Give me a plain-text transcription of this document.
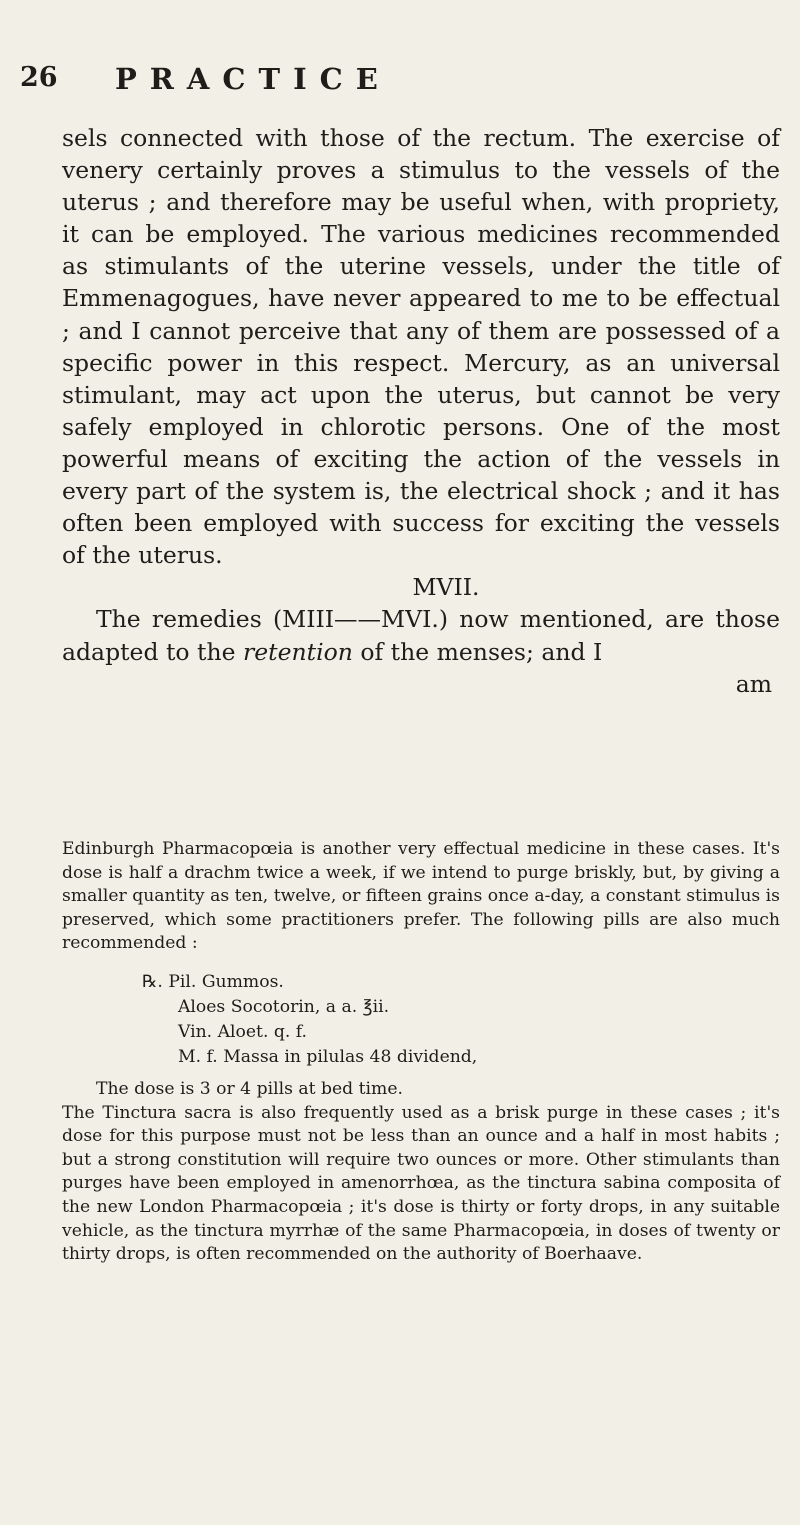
26 PRACTICE

sels connected with those of the rectum. The exercise of venery certainly proves a stimulus to the vessels of the uterus ; and therefore may be useful when, with propriety, it can be employed. The various medicines recommended as stimulants of the uterine vessels, under the title of Emmenagogues, have never appeared to me to be effectual ; and I cannot perceive that any of them are possessed of a specific power in this respect. Mercury, as an universal stimulant, may act upon the uterus, but cannot be very safely employed in chlorotic persons. One of the most powerful means of exciting the action of the vessels in every part of the system is, the electrical shock ; and it has often been employed with success for exciting the vessels of the uterus.

MVII.

The remedies (MIII——MVI.) now mentioned, are those adapted to the retention of the menses; and I

am

Edinburgh Pharmacopœia is another very effectual medicine in these cases. It's dose is half a drachm twice a week, if we intend to purge briskly, but, by giving a smaller quantity as ten, twelve, or fifteen grains once a-day, a constant stimulus is preserved, which some practitioners prefer. The following pills are also much recommended :

℞. Pil. Gummos.
Aloes Socotorin, a a. ℥ii.
Vin. Aloet. q. f.
M. f. Massa in pilulas 48 dividend,

The dose is 3 or 4 pills at bed time.

The Tinctura sacra is also frequently used as a brisk purge in these cases ; it's dose for this purpose must not be less than an ounce and a half in most habits ; but a strong constitution will require two ounces or more. Other stimulants than purges have been employed in amenorrhœa, as the tinctura sabina composita of the new London Pharmacopœia ; it's dose is thirty or forty drops, in any suitable vehicle, as the tinctura myrrhæ of the same Pharmacopœia, in doses of twenty or thirty drops, is often recommended on the authority of Boerhaave.
